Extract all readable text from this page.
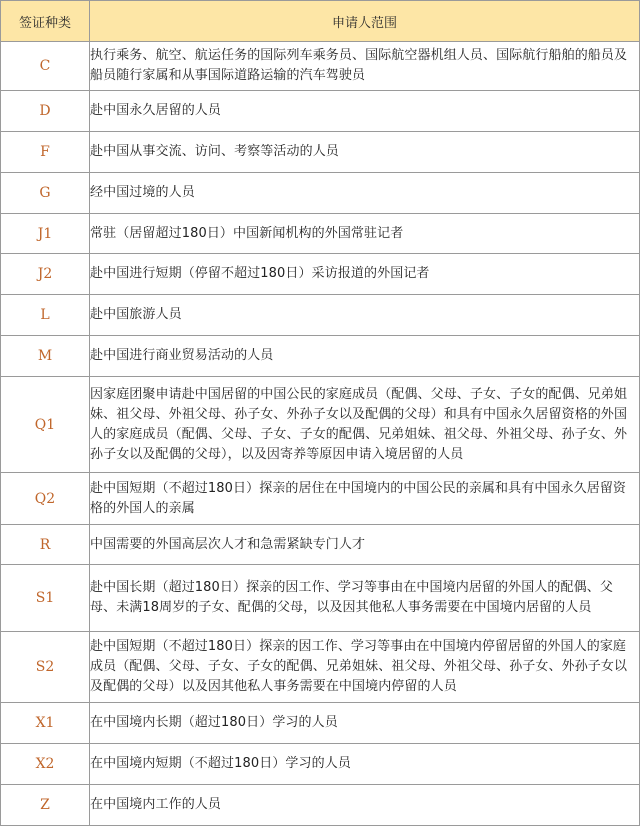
签证种类	申请人范围
C	执行乘务、航空、航运任务的国际列车乘务员、国际航空器机组人员、国际航行船舶的船员及船员随行家属和从事国际道路运输的汽车驾驶员
D	赴中国永久居留的人员
F	赴中国从事交流、访问、考察等活动的人员
G	经中国过境的人员
J1	常驻（居留超过180日）中国新闻机构的外国常驻记者
J2	赴中国进行短期（停留不超过180日）采访报道的外国记者
L	赴中国旅游人员
M	赴中国进行商业贸易活动的人员
Q1	因家庭团聚申请赴中国居留的中国公民的家庭成员（配偶、父母、子女、子女的配偶、兄弟姐妹、祖父母、外祖父母、孙子女、外孙子女以及配偶的父母）和具有中国永久居留资格的外国人的家庭成员（配偶、父母、子女、子女的配偶、兄弟姐妹、祖父母、外祖父母、孙子女、外孙子女以及配偶的父母），以及因寄养等原因申请入境居留的人员
Q2	赴中国短期（不超过180日）探亲的居住在中国境内的中国公民的亲属和具有中国永久居留资格的外国人的亲属
R	中国需要的外国高层次人才和急需紧缺专门人才
S1	赴中国长期（超过180日）探亲的因工作、学习等事由在中国境内居留的外国人的配偶、父母、未满18周岁的子女、配偶的父母，以及因其他私人事务需要在中国境内居留的人员
S2	赴中国短期（不超过180日）探亲的因工作、学习等事由在中国境内停留居留的外国人的家庭成员（配偶、父母、子女、子女的配偶、兄弟姐妹、祖父母、外祖父母、孙子女、外孙子女以及配偶的父母）以及因其他私人事务需要在中国境内停留的人员
X1	在中国境内长期（超过180日）学习的人员
X2	在中国境内短期（不超过180日）学习的人员
Z	在中国境内工作的人员
